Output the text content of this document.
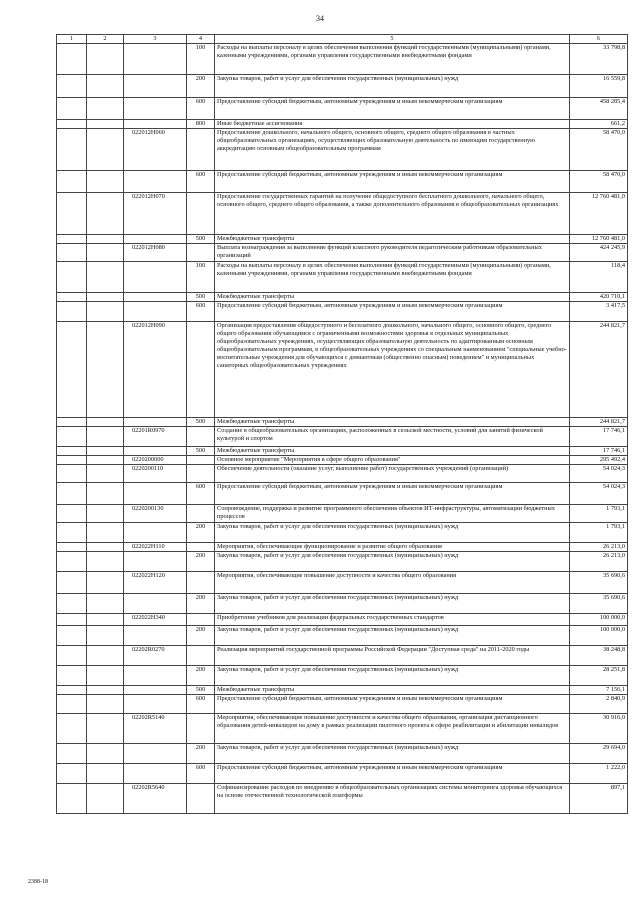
34
1	2	3	4	5	6
			100	Расходы на выплаты персоналу в целях обеспечения выполнения функций государственными (муниципальными) органами, казенными учреждениями, органами управления государственными внебюджетными фондами	33 798,8
			200	Закупка товаров, работ и услуг для обеспечения государственных (муниципальных) нужд	16 559,8
			600	Предоставление субсидий бюджетным, автономным учреждениям и иным некоммерческим организациям	458 285,4
			800	Иные бюджетные ассигнования	661,2
		022012Н060		Предоставление дошкольного, начального общего, основного общего, среднего общего образования в частных общеобразовательных организациях, осуществляющих образовательную деятельность по имеющим государственную аккредитацию основным общеобразовательным программам	58 470,0
			600	Предоставление субсидий бюджетным, автономным учреждениям и иным некоммерческим организациям	58 470,0
		022012Н070		Предоставление государственных гарантий на получение общедоступного бесплатного дошкольного, начального общего, основного общего, среднего общего образования, а также дополнительного образования в общеобразовательных организациях	12 760 481,0
			500	Межбюджетные трансферты	12 760 481,0
		022012Н080		Выплата вознаграждения за выполнение функций классного руководителя педагогическим работникам образовательных организаций	424 245,9
			100	Расходы на выплаты персоналу в целях обеспечения выполнения функций государственными (муниципальными) органами, казенными учреждениями, органами управления государственными внебюджетными фондами	118,4
			500	Межбюджетные трансферты	420 710,1
			600	Предоставление субсидий бюджетным, автономным учреждениям и иным некоммерческим организациям	3 417,5
		022012Н090		Организация предоставления общедоступного и бесплатного дошкольного, начального общего, основного общего, среднего общего образования обучающимся с ограниченными возможностями здоровья в отдельных муниципальных общеобразовательных учреждениях, осуществляющих образовательную деятельность по адаптированным основным общеобразовательным программам, в общеобразовательных учреждениях со специальным наименованием "специальные учебно-воспитательные учреждения для обучающихся с девиантным (общественно опасным) поведением" и муниципальных санаторных общеобразовательных учреждениях	244 821,7
			500	Межбюджетные трансферты	244 821,7
		02201R0970		Создание в общеобразовательных организациях, расположенных в сельской местности, условий для занятий физической культурой и спортом	17 746,1
			500	Межбюджетные трансферты	17 746,1
		0220200000		Основное мероприятие "Мероприятия в сфере общего образования"	295 492,4
		0220200110		Обеспечение деятельности (оказание услуг, выполнение работ) государственных учреждений (организаций)	54 024,3
			600	Предоставление субсидий бюджетным, автономным учреждениям и иным некоммерческим организациям	54 024,3
		0220200130		Сопровождение, поддержка и развитие программного обеспечения объектов ИТ-инфраструктуры, автоматизации бюджетных процессов	1 793,1
			200	Закупка товаров, работ и услуг для обеспечения государственных (муниципальных) нужд	1 793,1
		022022Н110		Мероприятия, обеспечивающие функционирование и развитие общего образования	26 213,0
			200	Закупка товаров, работ и услуг для обеспечения государственных (муниципальных) нужд	26 213,0
		022022Н120		Мероприятия, обеспечивающие повышение доступности и качества общего образования	35 690,6
			200	Закупка товаров, работ и услуг для обеспечения государственных (муниципальных) нужд	35 690,6
		022022Н340		Приобретение учебников для реализации федеральных государственных стандартов	100 000,0
			200	Закупка товаров, работ и услуг для обеспечения государственных (муниципальных) нужд	100 000,0
		02202R0270		Реализация мероприятий государственной программы Российской Федерации "Доступная среда" на 2011-2020 годы	38 248,8
			200	Закупка товаров, работ и услуг для обеспечения государственных (муниципальных) нужд	28 251,8
			500	Межбюджетные трансферты	7 156,1
			600	Предоставление субсидий бюджетным, автономным учреждениям и иным некоммерческим организациям	2 840,9
		02202R5140		Мероприятия, обеспечивающие повышение доступности и качества общего образования, организация дистанционного образования детей-инвалидов на дому в рамках реализации пилотного проекта в сфере реабилитации и абилитации инвалидов	30 916,0
			200	Закупка товаров, работ и услуг для обеспечения государственных (муниципальных) нужд	29 694,0
			600	Предоставление субсидий бюджетным, автономным учреждениям и иным некоммерческим организациям	1 222,0
		02202R5640		Софинансирование расходов по внедрению в общеобразовательных организациях системы мониторинга здоровья обучающихся на основе отечественной технологической платформы	897,1
2388-18
